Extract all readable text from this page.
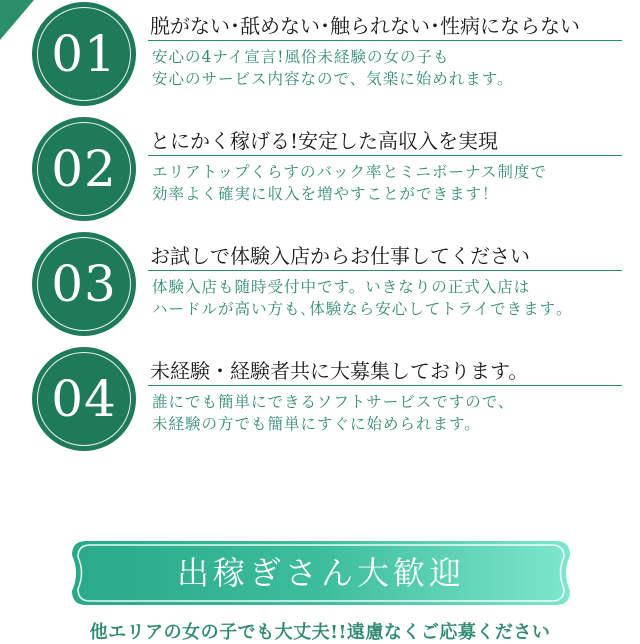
01	脱がない･舐めない･触られない･性病にならない
安心の4ナイ宣言!風俗未経験の女の子も
安心のサービス内容なので、気楽に始めれます。
02	とにかく稼げる!安定した高収入を実現
エリアトップくらすのバック率とミニボーナス制度で
効率よく確実に収入を増やすことができます！
03	お試しで体験入店からお仕事してください
体験入店も随時受付中です。いきなりの正式入店は
ハードルが高い方も､体験なら安心してトライできます｡
04	未経験・経験者共に大募集しております。
誰にでも簡単にできるソフトサービスですので、
未経験の方でも簡単にすぐに始められます。
出稼ぎさん大歓迎
他エリアの女の子でも大丈夫!!遠慮なくご応募ください
